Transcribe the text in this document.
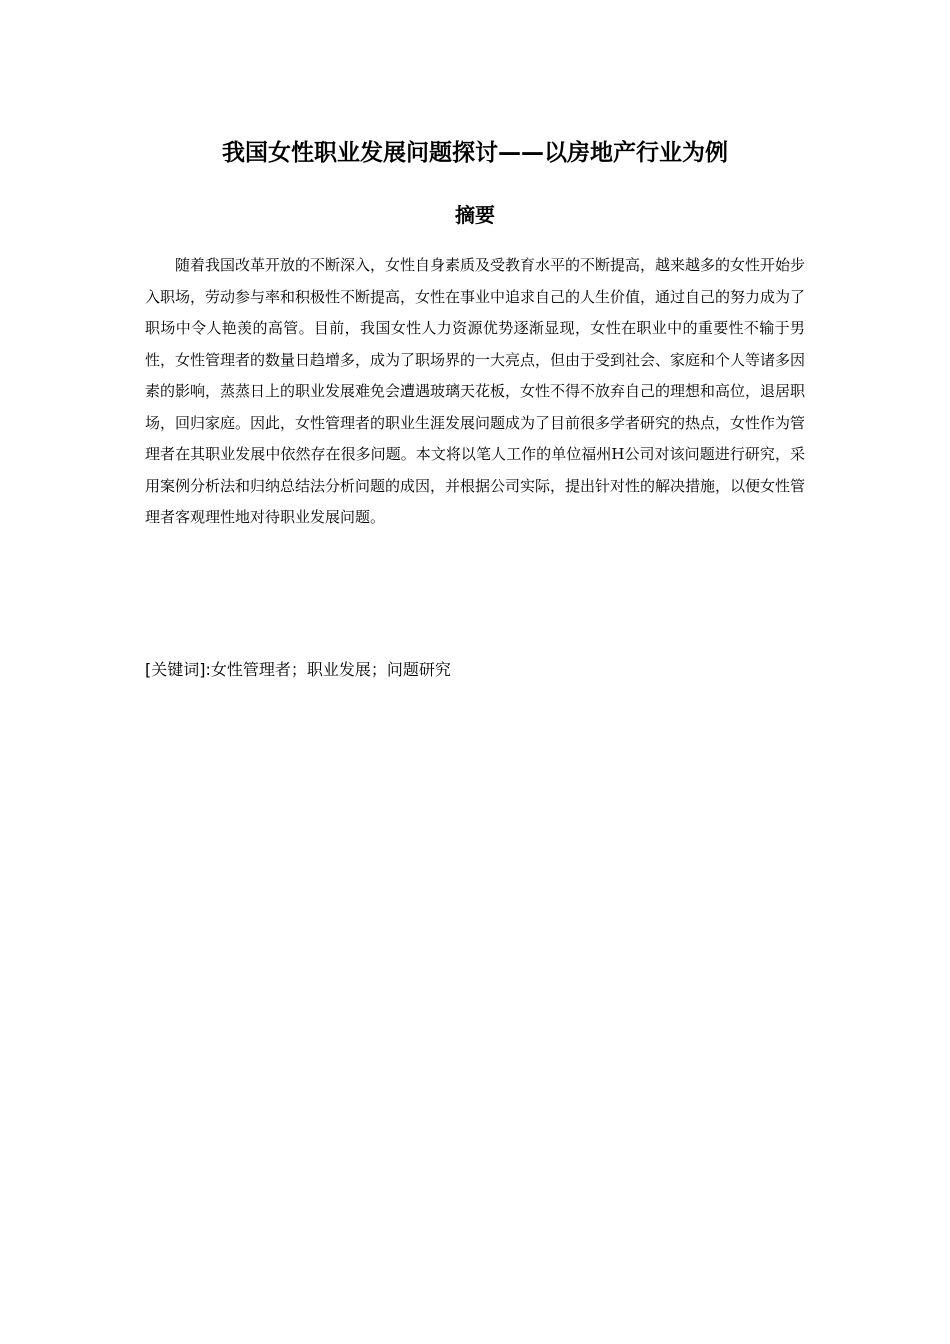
我国女性职业发展问题探讨——以房地产行业为例
摘要

随着我国改革开放的不断深入，女性自身素质及受教育水平的不断提高，越来越多的女性开始步入职场，劳动参与率和积极性不断提高，女性在事业中追求自己的人生价值，通过自己的努力成为了职场中令人艳羡的高管。目前，我国女性人力资源优势逐渐显现，女性在职业中的重要性不输于男性，女性管理者的数量日趋增多，成为了职场界的一大亮点，但由于受到社会、家庭和个人等诸多因素的影响，蒸蒸日上的职业发展难免会遭遇玻璃天花板，女性不得不放弃自己的理想和高位，退居职场，回归家庭。因此，女性管理者的职业生涯发展问题成为了目前很多学者研究的热点，女性作为管理者在其职业发展中依然存在很多问题。本文将以笔人工作的单位福州H公司对该问题进行研究，采用案例分析法和归纳总结法分析问题的成因，并根据公司实际，提出针对性的解决措施，以便女性管理者客观理性地对待职业发展问题。

[关键词]:女性管理者；职业发展；问题研究
